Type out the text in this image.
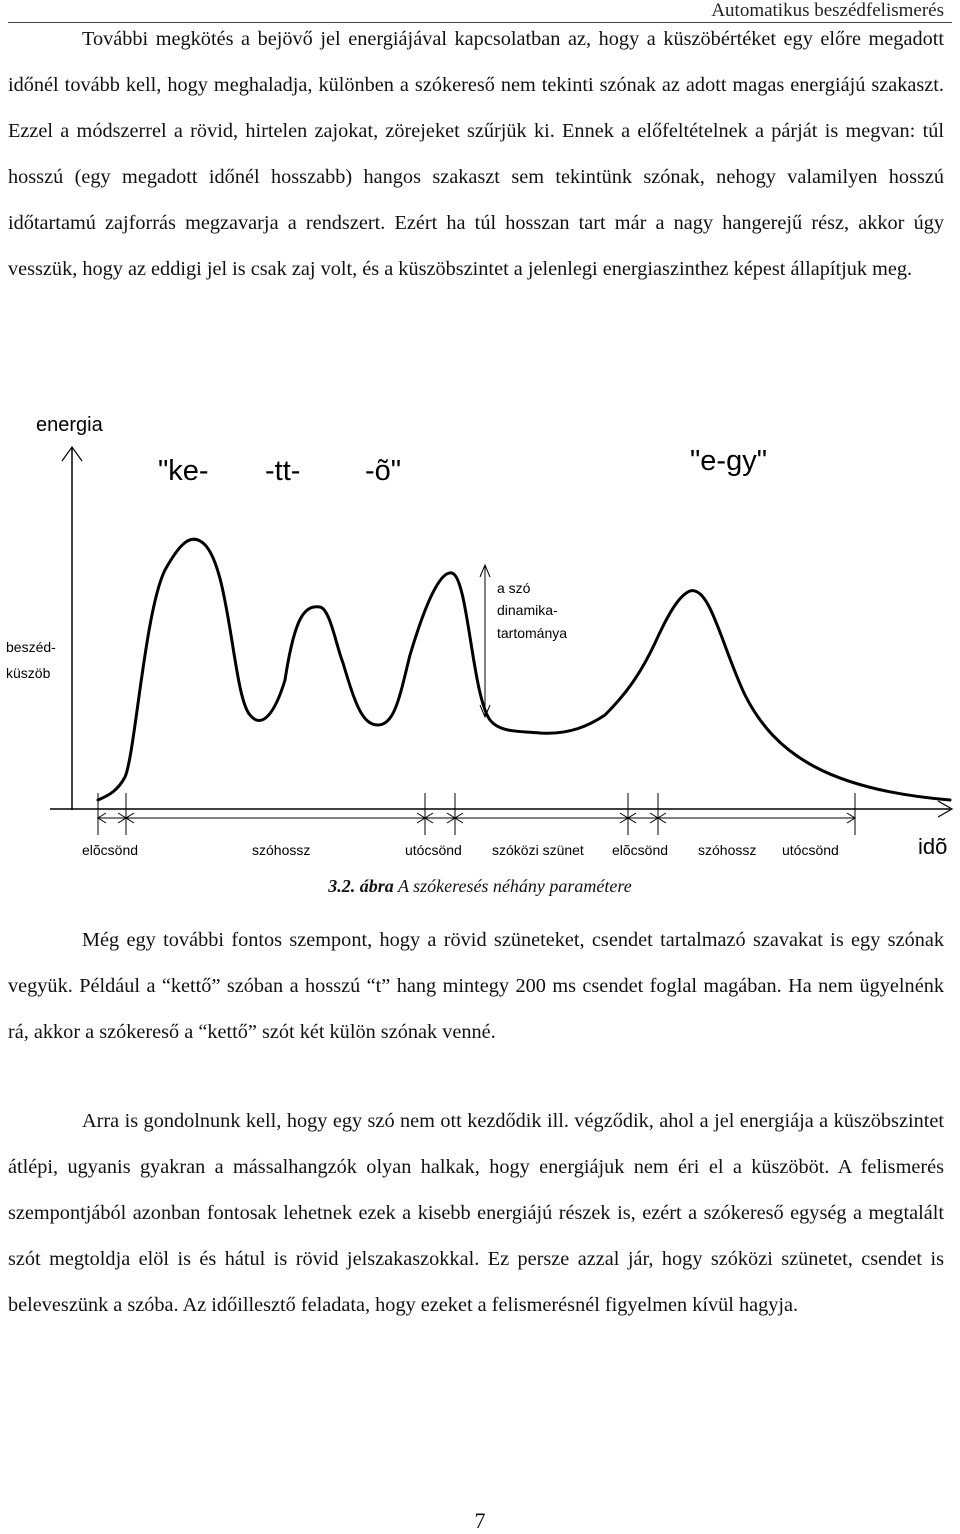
Automatikus beszédfelismerés

További megkötés a bejövő jel energiájával kapcsolatban az, hogy a küszöbértéket egy előre megadott időnél tovább kell, hogy meghaladja, különben a szókereső nem tekinti szónak az adott magas energiájú szakaszt. Ezzel a módszerrel a rövid, hirtelen zajokat, zörejeket szűrjük ki. Ennek a előfeltételnek a párját is megvan: túl hosszú (egy megadott időnél hosszabb) hangos szakaszt sem tekintünk szónak, nehogy valamilyen hosszú időtartamú zajforrás megzavarja a rendszert. Ezért ha túl hosszan tart már a nagy hangerejű rész, akkor úgy vesszük, hogy az eddigi jel is csak zaj volt, és a küszöbszintet a jelenlegi energiaszinthez képest állapítjuk meg.

energia
idõ
"ke- -tt- -õ"	"e-gy"
beszéd-
küszöb
a szó
dinamika-
tartománya
elõcsönd	szóhossz	utócsönd szóközi szünet elõcsönd szóhossz utócsönd
3.2. ábra A szókeresés néhány paramétere

Még egy további fontos szempont, hogy a rövid szüneteket, csendet tartalmazó szavakat is egy szónak vegyük. Például a “kettő” szóban a hosszú “t” hang mintegy 200 ms csendet foglal magában. Ha nem ügyelnénk rá, akkor a szókereső a “kettő” szót két külön szónak venné.

Arra is gondolnunk kell, hogy egy szó nem ott kezdődik ill. végződik, ahol a jel energiája a küszöbszintet átlépi, ugyanis gyakran a mássalhangzók olyan halkak, hogy energiájuk nem éri el a küszöböt. A felismerés szempontjából azonban fontosak lehetnek ezek a kisebb energiájú részek is, ezért a szókereső egység a megtalált szót megtoldja elöl is és hátul is rövid jelszakaszokkal. Ez persze azzal jár, hogy szóközi szünetet, csendet is beleveszünk a szóba. Az időillesztő feladata, hogy ezeket a felismerésnél figyelmen kívül hagyja.

7
